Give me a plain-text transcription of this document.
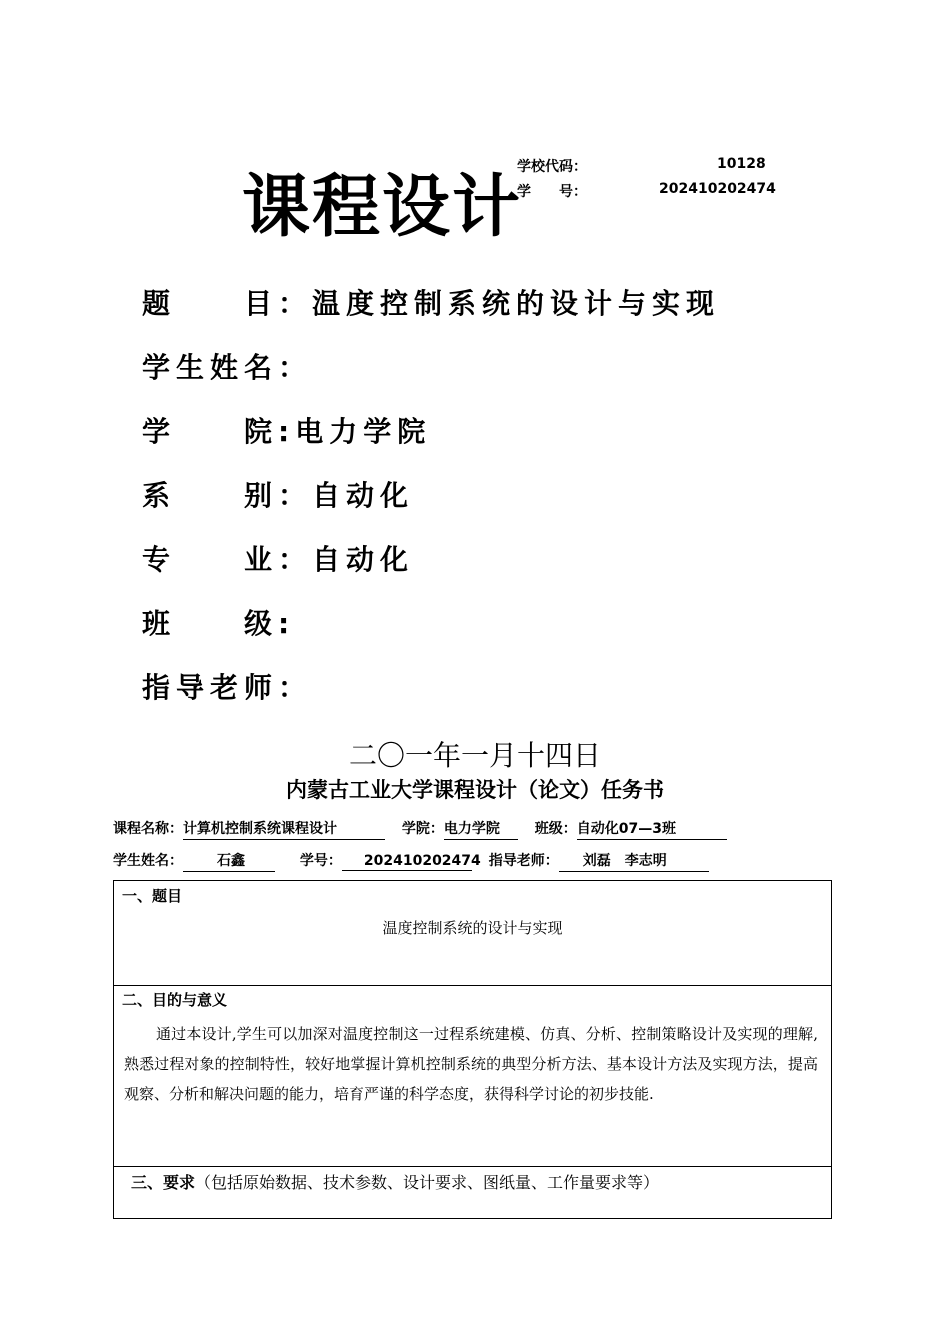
学校代码：	10128
学　　号：	202410202474
课程设计
题　　目：温度控制系统的设计与实现
学生姓名：
学　　院:电力学院
系　　别：自动化
专　　业：自动化
班　　级:
指导老师：
二〇一年一月十四日
内蒙古工业大学课程设计（论文）任务书
课程名称：计算机控制系统课程设计	学院：电力学院 班级：自动化07—3班
学生姓名： 石鑫	学号： 202410202474 指导老师： 刘磊　李志明
一、题目
温度控制系统的设计与实现
二、目的与意义
通过本设计,学生可以加深对温度控制这一过程系统建模、仿真、分析、控制策略设计及实现的理解,熟悉过程对象的控制特性，较好地掌握计算机控制系统的典型分析方法、基本设计方法及实现方法，提高观察、分析和解决问题的能力，培育严谨的科学态度，获得科学讨论的初步技能.
三、要求（包括原始数据、技术参数、设计要求、图纸量、工作量要求等）
